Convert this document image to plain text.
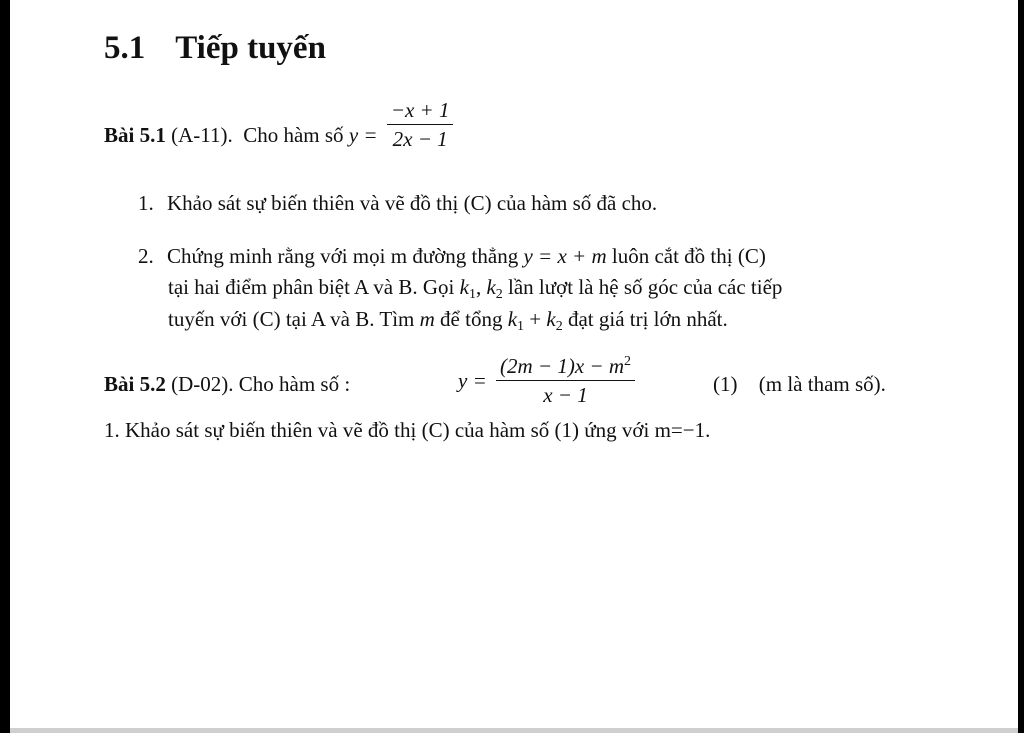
5.1 Tiếp tuyến
Bài 5.1 (A-11). Cho hàm số $y = \frac{-x + 1}{2x - 1}$
1. Khảo sát sự biến thiên và vẽ đồ thị (C) của hàm số đã cho.
2. Chứng minh rằng với mọi m đường thẳng y = x + m luôn cắt đồ thị (C)
tại hai điểm phân biệt A và B. Gọi $k_1$, $k_2$ lần lượt là hệ số góc của các tiếp
tuyến với (C) tại A và B. Tìm m để tổng $k_1 + k_2$ đạt giá trị lớn nhất.
Bài 5.2 (D-02). Cho hàm số :	$y = \frac{(2m - 1)x - m^2}{x - 1}$	(1) (m là tham số).
1. Khảo sát sự biến thiên và vẽ đồ thị (C) của hàm số (1) ứng với m=−1.
